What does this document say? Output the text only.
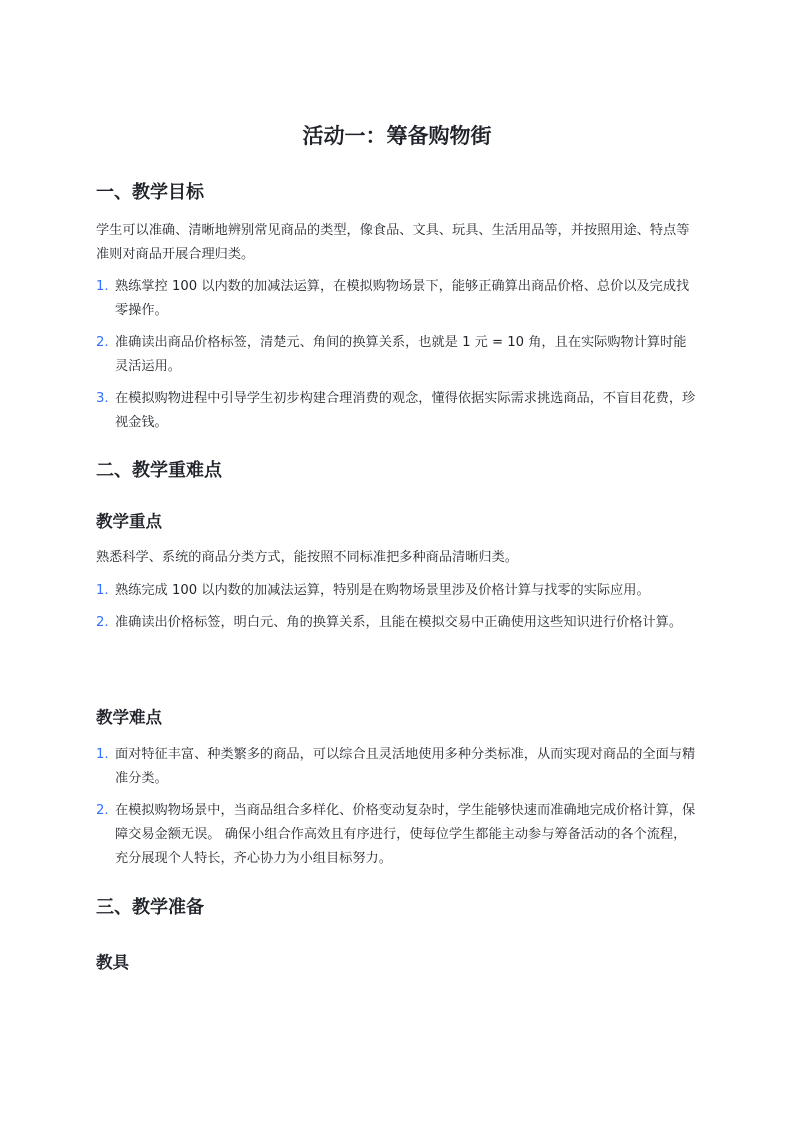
活动一：筹备购物街
一、教学目标

学生可以准确、清晰地辨别常见商品的类型，像食品、文具、玩具、生活用品等，并按照用途、特点等准则对商品开展合理归类。

1. 熟练掌控 100 以内数的加减法运算，在模拟购物场景下，能够正确算出商品价格、总价以及完成找零操作。
2. 准确读出商品价格标签，清楚元、角间的换算关系，也就是 1 元 = 10 角，且在实际购物计算时能灵活运用。
3. 在模拟购物进程中引导学生初步构建合理消费的观念，懂得依据实际需求挑选商品，不盲目花费，珍视金钱。
二、教学重难点
教学重点

熟悉科学、系统的商品分类方式，能按照不同标准把多种商品清晰归类。

1. 熟练完成 100 以内数的加减法运算，特别是在购物场景里涉及价格计算与找零的实际应用。
2. 准确读出价格标签，明白元、角的换算关系，且能在模拟交易中正确使用这些知识进行价格计算。
教学难点
1. 面对特征丰富、种类繁多的商品，可以综合且灵活地使用多种分类标准，从而实现对商品的全面与精准分类。
2. 在模拟购物场景中，当商品组合多样化、价格变动复杂时，学生能够快速而准确地完成价格计算，保障交易金额无误。 确保小组合作高效且有序进行，使每位学生都能主动参与筹备活动的各个流程，充分展现个人特长，齐心协力为小组目标努力。
三、教学准备
教具
